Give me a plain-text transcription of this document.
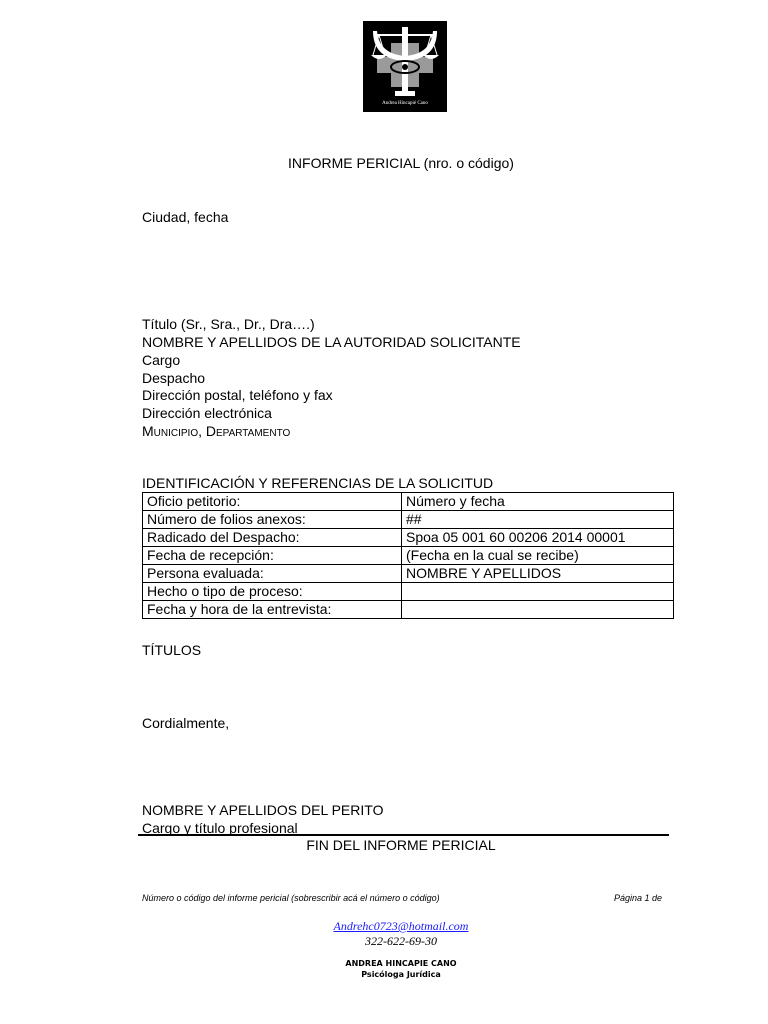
Andrea Hincapié Cano
INFORME PERICIAL (nro. o código)
Ciudad, fecha
Título (Sr., Sra., Dr., Dra….)
NOMBRE Y APELLIDOS DE LA AUTORIDAD SOLICITANTE
Cargo
Despacho
Dirección postal, teléfono y fax
Dirección electrónica
Municipio, Departamento
IDENTIFICACIÓN Y REFERENCIAS DE LA SOLICITUD
Oficio petitorio:	Número y fecha
Número de folios anexos:	##
Radicado del Despacho:	Spoa 05 001 60 00206 2014 00001
Fecha de recepción:	(Fecha en la cual se recibe)
Persona evaluada:	NOMBRE Y APELLIDOS
Hecho o tipo de proceso:	
Fecha y hora de la entrevista:	
TÍTULOS
Cordialmente,
NOMBRE Y APELLIDOS DEL PERITO
Cargo y título profesional
FIN DEL INFORME PERICIAL
Número o código del informe pericial (sobrescribir acá el número o código)	Página 1 de
Andrehc0723@hotmail.com
322-622-69-30
ANDREA HINCAPIE CANO
Psicóloga Jurídica
